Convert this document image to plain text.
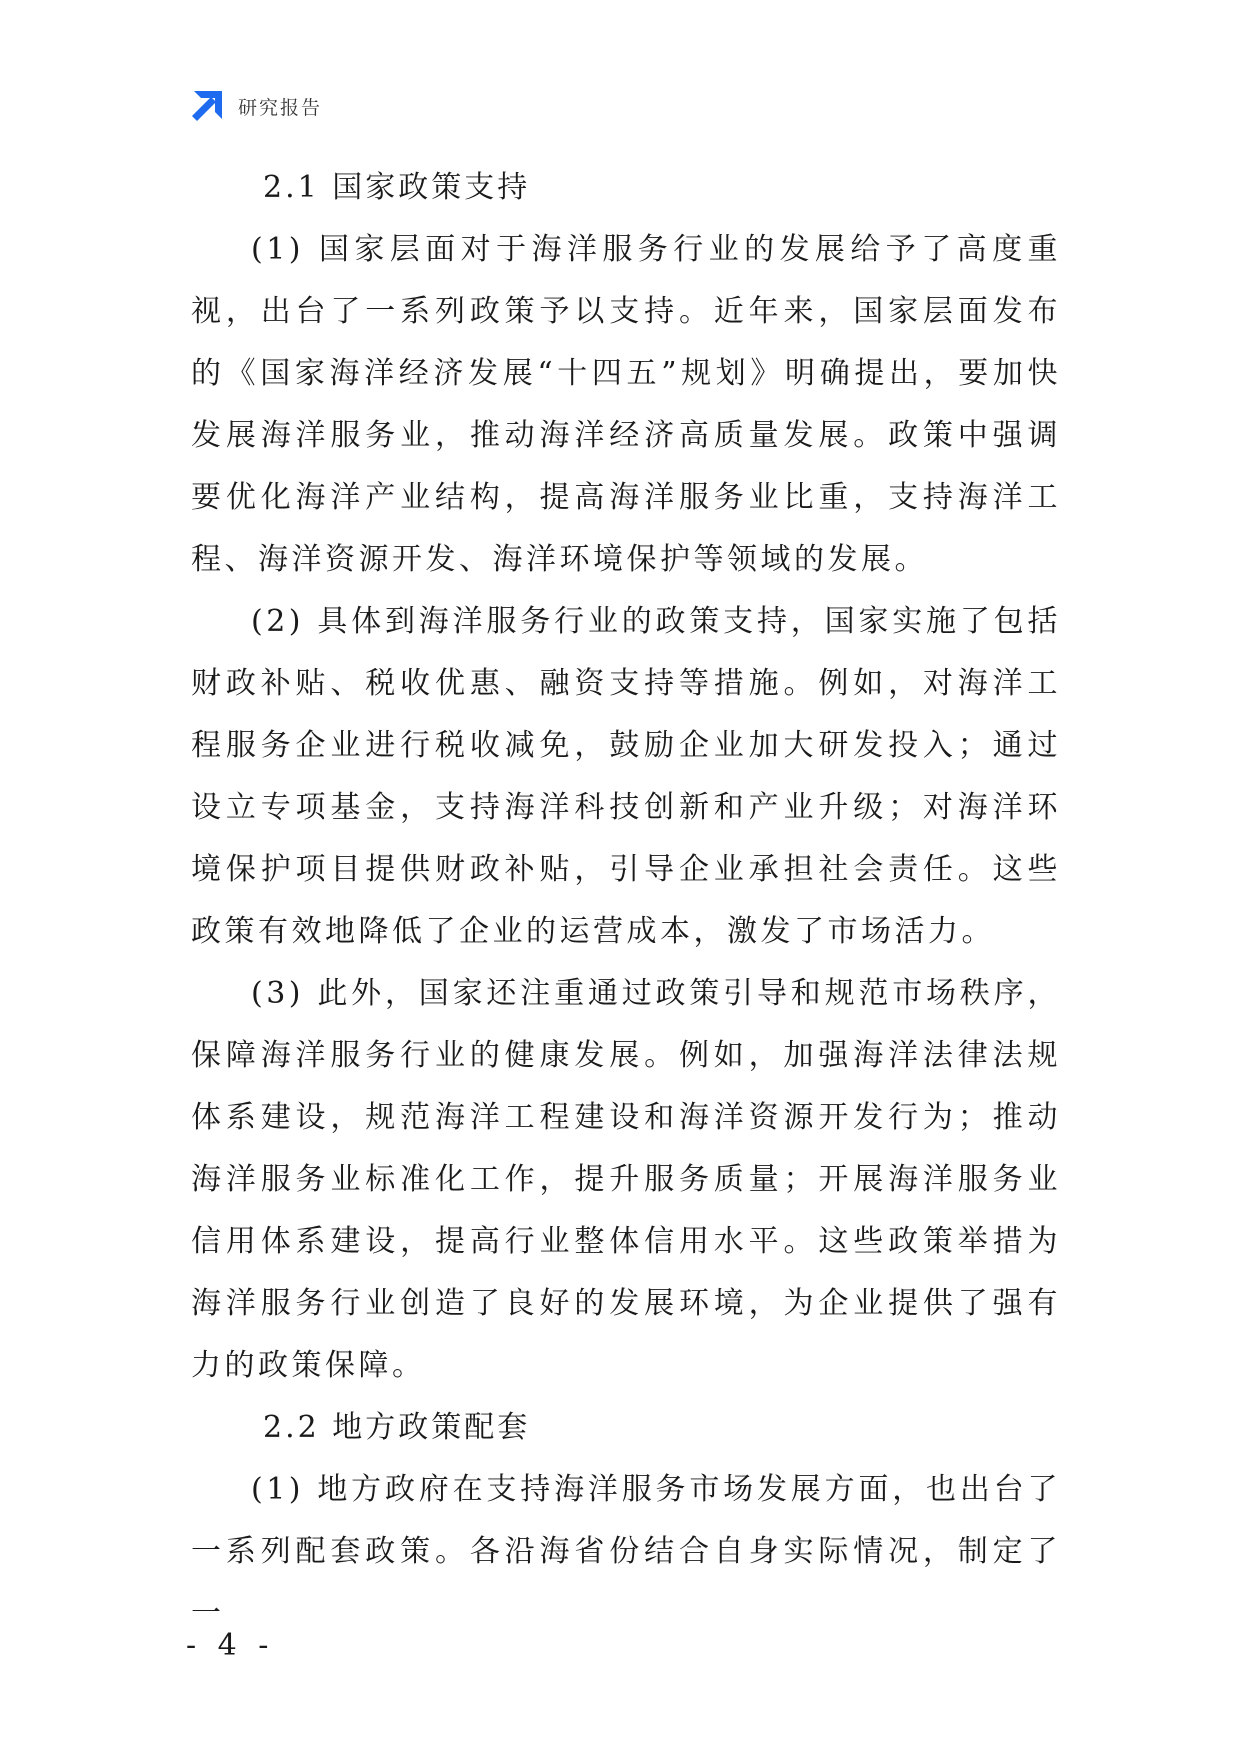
研究报告
2.1 国家政策支持

(1) 国家层面对于海洋服务行业的发展给予了高度重视，出台了一系列政策予以支持。近年来，国家层面发布的《国家海洋经济发展“十四五”规划》明确提出，要加快发展海洋服务业，推动海洋经济高质量发展。政策中强调要优化海洋产业结构，提高海洋服务业比重，支持海洋工程、海洋资源开发、海洋环境保护等领域的发展。

(2) 具体到海洋服务行业的政策支持，国家实施了包括财政补贴、税收优惠、融资支持等措施。例如，对海洋工程服务企业进行税收减免，鼓励企业加大研发投入；通过设立专项基金，支持海洋科技创新和产业升级；对海洋环境保护项目提供财政补贴，引导企业承担社会责任。这些政策有效地降低了企业的运营成本，激发了市场活力。

(3) 此外，国家还注重通过政策引导和规范市场秩序，保障海洋服务行业的健康发展。例如，加强海洋法律法规体系建设，规范海洋工程建设和海洋资源开发行为；推动海洋服务业标准化工作，提升服务质量；开展海洋服务业信用体系建设，提高行业整体信用水平。这些政策举措为海洋服务行业创造了良好的发展环境，为企业提供了强有力的政策保障。

2.2 地方政策配套

(1) 地方政府在支持海洋服务市场发展方面，也出台了一系列配套政策。各沿海省份结合自身实际情况，制定了一

- 4 -
